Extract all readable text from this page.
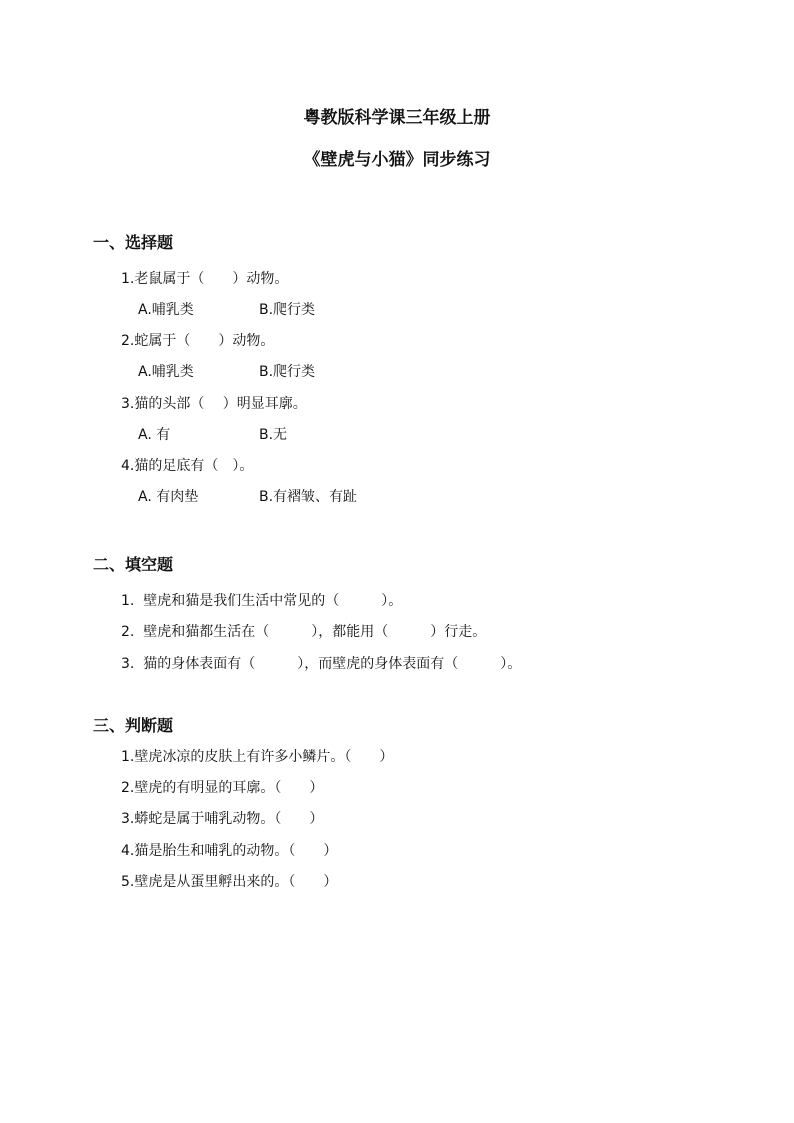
粤教版科学课三年级上册
《壁虎与小猫》同步练习
一、选择题
1.老鼠属于（　　）动物。
A.哺乳类	B.爬行类
2.蛇属于（　　）动物。
A.哺乳类	B.爬行类
3.猫的头部（　 ）明显耳廓。
A. 有	B.无
4.猫的足底有（　）。
A. 有肉垫	B.有褶皱、有趾
二、填空题
1.  壁虎和猫是我们生活中常见的（　　　）。
2.  壁虎和猫都生活在（　　　），都能用（　　　）行走。
3.  猫的身体表面有（　　　），而壁虎的身体表面有（　　　）。
三、判断题
1.壁虎冰凉的皮肤上有许多小鳞片。（　　）
2.壁虎的有明显的耳廓。（　　）
3.蟒蛇是属于哺乳动物。（　　）
4.猫是胎生和哺乳的动物。（　　）
5.壁虎是从蛋里孵出来的。（　　）
